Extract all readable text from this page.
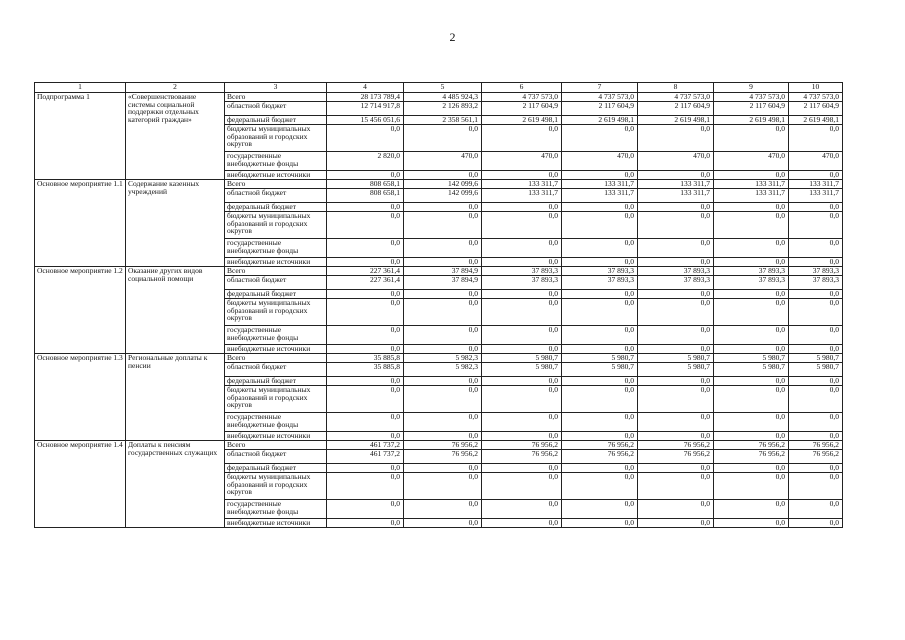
2
1	2	3	4	5	6	7	8	9	10
Подпрограмма 1	«Совершенствование системы социальной поддержки отдельных категорий граждан»	Всего	28 173 789,4	4 485 924,3	4 737 573,0	4 737 573,0	4 737 573,0	4 737 573,0	4 737 573,0
		областной бюджет	12 714 917,8	2 126 893,2	2 117 604,9	2 117 604,9	2 117 604,9	2 117 604,9	2 117 604,9
		федеральный бюджет	15 456 051,6	2 358 561,1	2 619 498,1	2 619 498,1	2 619 498,1	2 619 498,1	2 619 498,1
		бюджеты муниципальных образований и городских округов	0,0	0,0	0,0	0,0	0,0	0,0	0,0
		государственные внебюджетные фонды	2 820,0	470,0	470,0	470,0	470,0	470,0	470,0
		внебюджетные источники	0,0	0,0	0,0	0,0	0,0	0,0	0,0
Основное мероприятие 1.1	Содержание казенных учреждений	Всего	808 658,1	142 099,6	133 311,7	133 311,7	133 311,7	133 311,7	133 311,7
		областной бюджет	808 658,1	142 099,6	133 311,7	133 311,7	133 311,7	133 311,7	133 311,7
		федеральный бюджет	0,0	0,0	0,0	0,0	0,0	0,0	0,0
		бюджеты муниципальных образований и городских округов	0,0	0,0	0,0	0,0	0,0	0,0	0,0
		государственные внебюджетные фонды	0,0	0,0	0,0	0,0	0,0	0,0	0,0
		внебюджетные источники	0,0	0,0	0,0	0,0	0,0	0,0	0,0
Основное мероприятие 1.2	Оказание других видов социальной помощи	Всего	227 361,4	37 894,9	37 893,3	37 893,3	37 893,3	37 893,3	37 893,3
		областной бюджет	227 361,4	37 894,9	37 893,3	37 893,3	37 893,3	37 893,3	37 893,3
		федеральный бюджет	0,0	0,0	0,0	0,0	0,0	0,0	0,0
		бюджеты муниципальных образований и городских округов	0,0	0,0	0,0	0,0	0,0	0,0	0,0
		государственные внебюджетные фонды	0,0	0,0	0,0	0,0	0,0	0,0	0,0
		внебюджетные источники	0,0	0,0	0,0	0,0	0,0	0,0	0,0
Основное мероприятие 1.3	Региональные доплаты к пенсии	Всего	35 885,8	5 982,3	5 980,7	5 980,7	5 980,7	5 980,7	5 980,7
		областной бюджет	35 885,8	5 982,3	5 980,7	5 980,7	5 980,7	5 980,7	5 980,7
		федеральный бюджет	0,0	0,0	0,0	0,0	0,0	0,0	0,0
		бюджеты муниципальных образований и городских округов	0,0	0,0	0,0	0,0	0,0	0,0	0,0
		государственные внебюджетные фонды	0,0	0,0	0,0	0,0	0,0	0,0	0,0
		внебюджетные источники	0,0	0,0	0,0	0,0	0,0	0,0	0,0
Основное мероприятие 1.4	Доплаты к пенсиям государственных служащих	Всего	461 737,2	76 956,2	76 956,2	76 956,2	76 956,2	76 956,2	76 956,2
		областной бюджет	461 737,2	76 956,2	76 956,2	76 956,2	76 956,2	76 956,2	76 956,2
		федеральный бюджет	0,0	0,0	0,0	0,0	0,0	0,0	0,0
		бюджеты муниципальных образований и городских округов	0,0	0,0	0,0	0,0	0,0	0,0	0,0
		государственные внебюджетные фонды	0,0	0,0	0,0	0,0	0,0	0,0	0,0
		внебюджетные источники	0,0	0,0	0,0	0,0	0,0	0,0	0,0
